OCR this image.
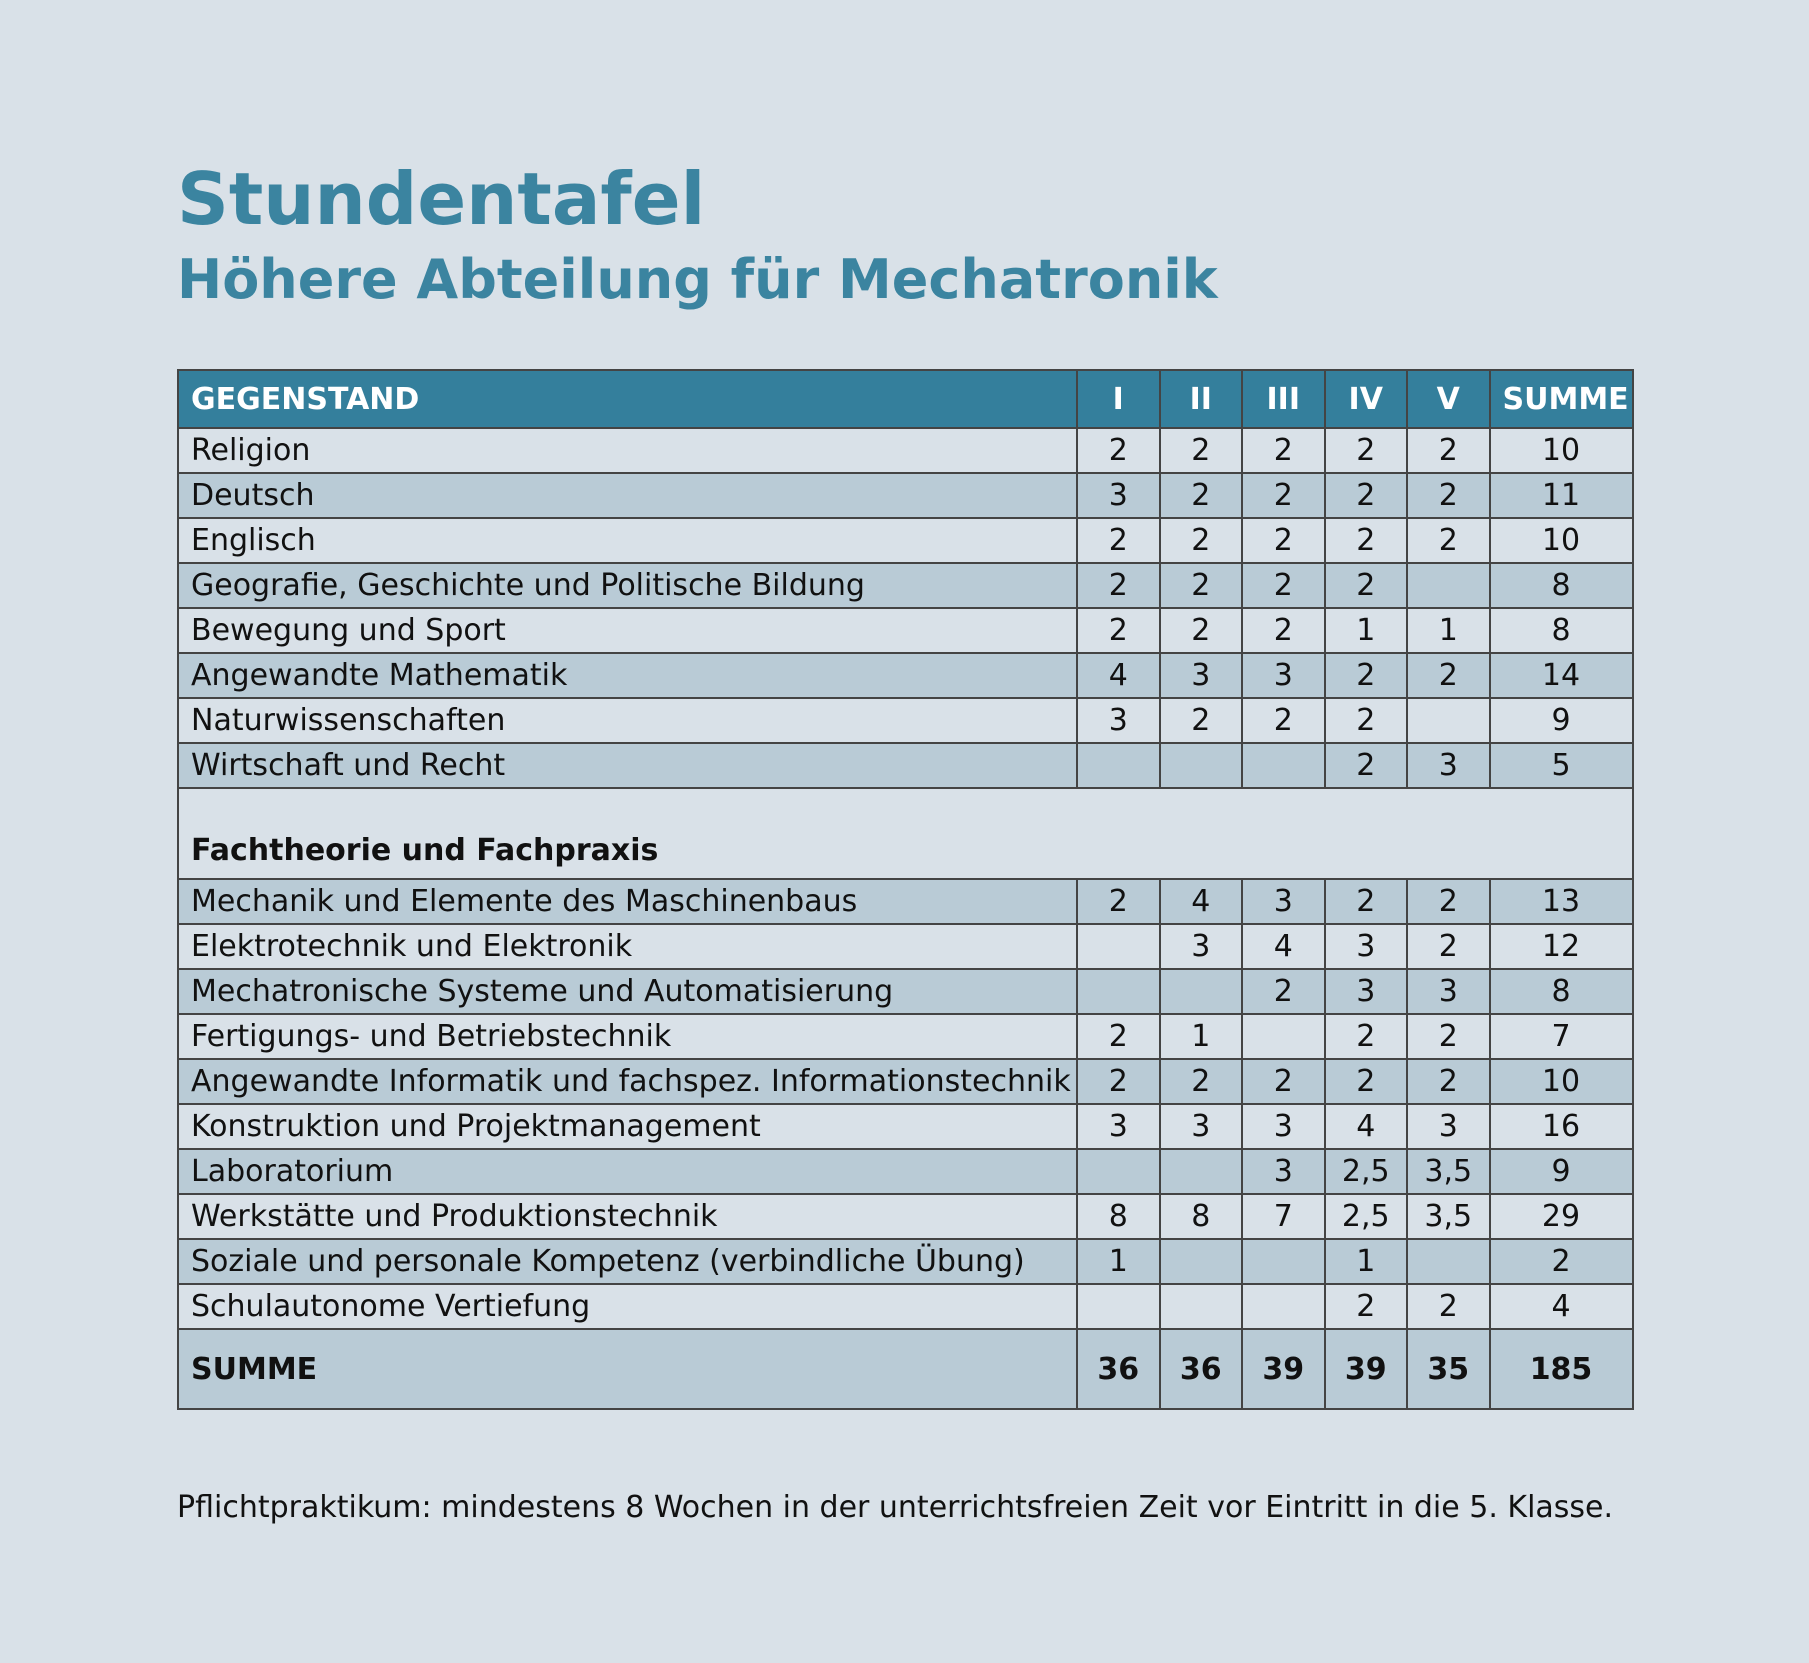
Stundentafel
Höhere Abteilung für Mechatronik
GEGENSTAND	I	II	III	IV	V	SUMME
Religion	2	2	2	2	2	10
Deutsch	3	2	2	2	2	11
Englisch	2	2	2	2	2	10
Geografie, Geschichte und Politische Bildung	2	2	2	2		8
Bewegung und Sport	2	2	2	1	1	8
Angewandte Mathematik	4	3	3	2	2	14
Naturwissenschaften	3	2	2	2		9
Wirtschaft und Recht				2	3	5
Fachtheorie und Fachpraxis						
Mechanik und Elemente des Maschinenbaus	2	4	3	2	2	13
Elektrotechnik und Elektronik		3	4	3	2	12
Mechatronische Systeme und Automatisierung			2	3	3	8
Fertigungs- und Betriebstechnik	2	1		2	2	7
Angewandte Informatik und fachspez. Informationstechnik	2	2	2	2	2	10
Konstruktion und Projektmanagement	3	3	3	4	3	16
Laboratorium			3	2,5	3,5	9
Werkstätte und Produktionstechnik	8	8	7	2,5	3,5	29
Soziale und personale Kompetenz (verbindliche Übung)	1			1		2
Schulautonome Vertiefung				2	2	4
SUMME	36	36	39	39	35	185

Pflichtpraktikum: mindestens 8 Wochen in der unterrichtsfreien Zeit vor Eintritt in die 5. Klasse.
